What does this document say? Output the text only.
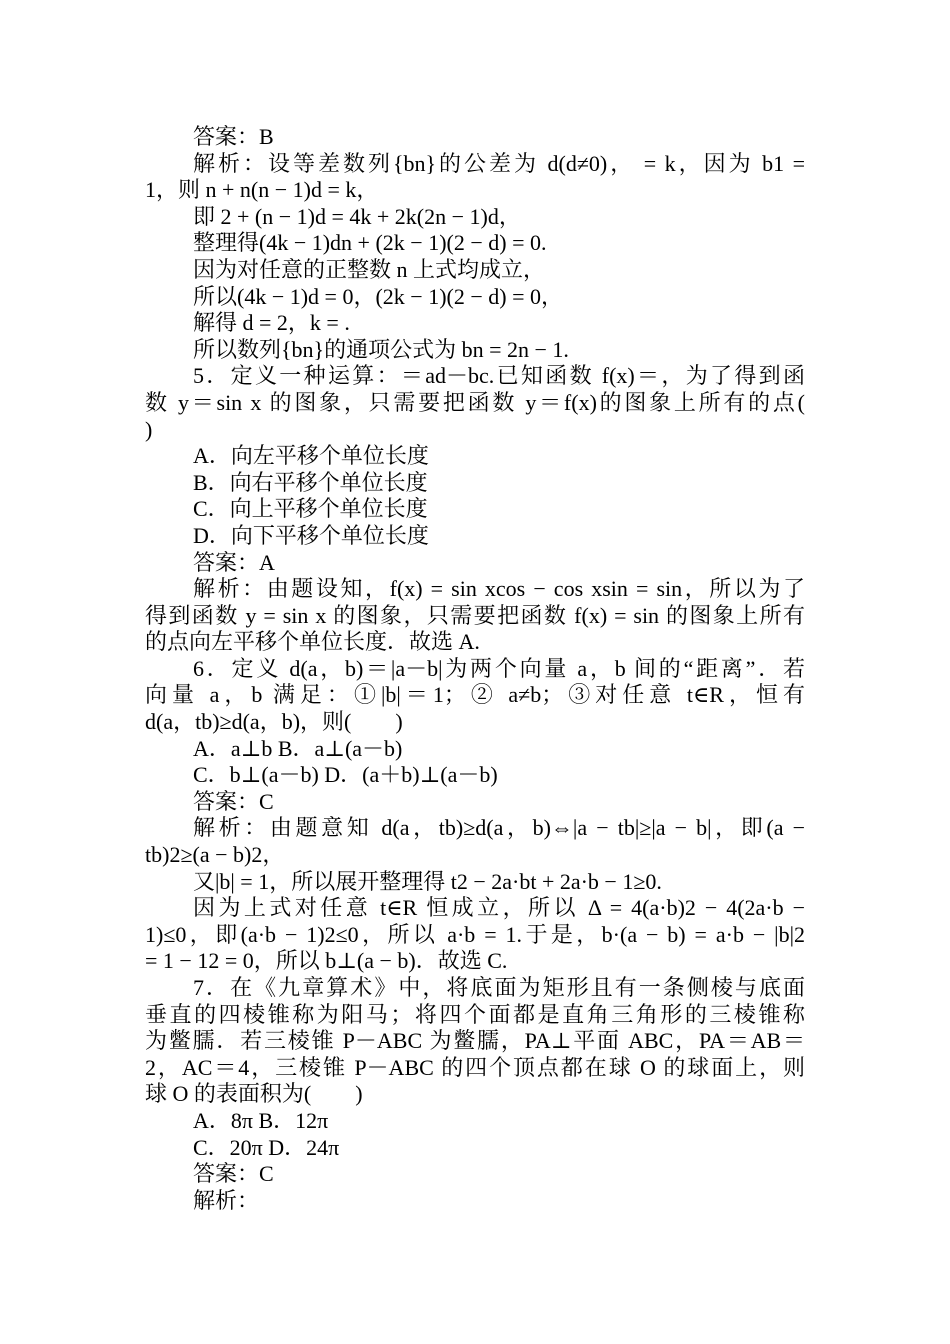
答案：B
解析：设等差数列{bn}的公差为 d(d≠0)， = k，因为 b1 =
1，则 n + n(n − 1)d = k，
即 2 + (n − 1)d = 4k + 2k(2n − 1)d，
整理得(4k − 1)dn + (2k − 1)(2 − d) = 0.
因为对任意的正整数 n 上式均成立，
所以(4k − 1)d = 0，(2k − 1)(2 − d) = 0，
解得 d = 2，k = .
所以数列{bn}的通项公式为 bn = 2n − 1.
5．定义一种运算：＝ad－bc.已知函数 f(x)＝，为了得到函
数 y＝sin x 的图象，只需要把函数 y＝f(x)的图象上所有的点(
)
A．向左平移个单位长度
B．向右平移个单位长度
C．向上平移个单位长度
D．向下平移个单位长度
答案：A
解析：由题设知，f(x) = sin xcos − cos xsin = sin，所以为了
得到函数 y = sin x 的图象，只需要把函数 f(x) = sin 的图象上所有
的点向左平移个单位长度．故选 A.
6．定义 d(a，b)＝|a－b|为两个向量 a，b 间的“距离”．若
向量 a，b 满足：①|b|＝1；② a≠b；③对任意 t∈R，恒有
d(a，tb)≥d(a，b)，则(　　)
A．a⊥b B．a⊥(a－b)
C．b⊥(a－b) D．(a＋b)⊥(a－b)
答案：C
解析：由题意知 d(a，tb)≥d(a，b)⇔|a − tb|≥|a − b|，即(a −
tb)2≥(a − b)2，
又|b| = 1，所以展开整理得 t2 − 2a·bt + 2a·b − 1≥0.
因为上式对任意 t∈R 恒成立，所以 Δ = 4(a·b)2 − 4(2a·b −
1)≤0，即(a·b − 1)2≤0，所以 a·b = 1.于是，b·(a − b) = a·b − |b|2
= 1 − 12 = 0，所以 b⊥(a − b)．故选 C.
7．在《九章算术》中，将底面为矩形且有一条侧棱与底面
垂直的四棱锥称为阳马；将四个面都是直角三角形的三棱锥称
为鳖臑．若三棱锥 P－ABC 为鳖臑，PA⊥平面 ABC，PA＝AB＝
2，AC＝4，三棱锥 P－ABC 的四个顶点都在球 O 的球面上，则
球 O 的表面积为(　　)
A．8π B．12π
C．20π D．24π
答案：C
解析：
